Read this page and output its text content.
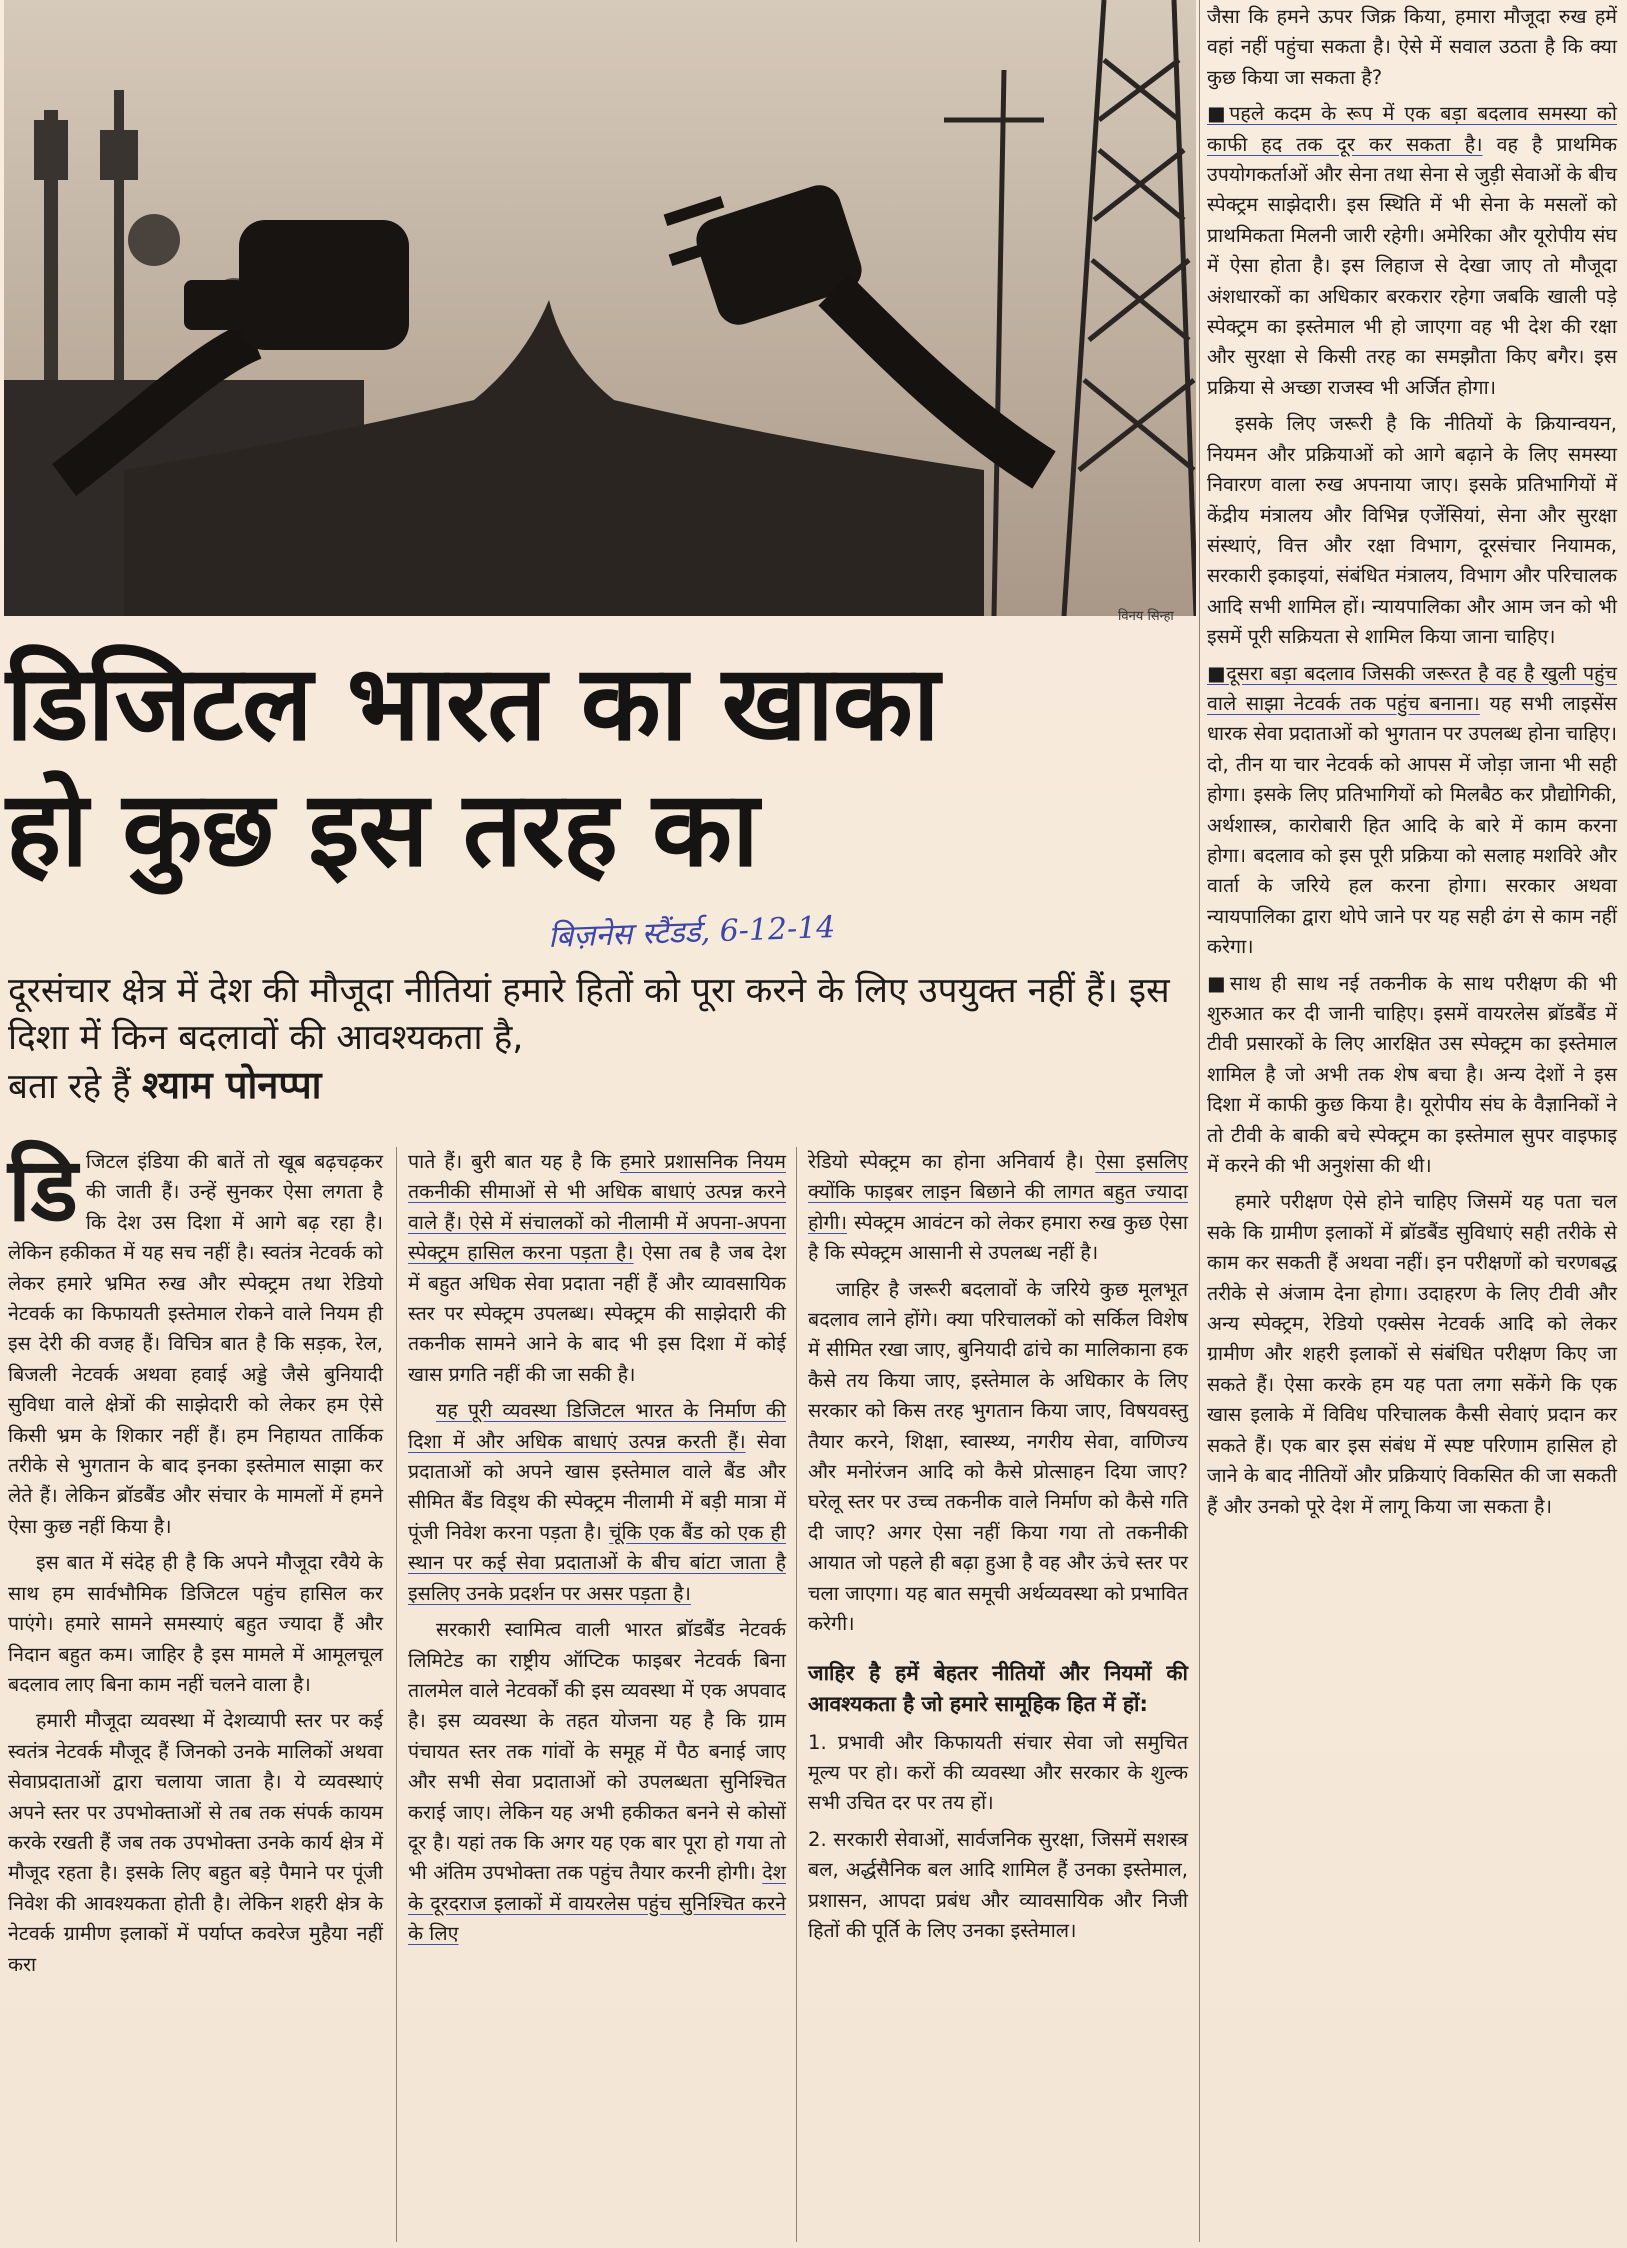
विनय सिन्हा
डिजिटल भारत का खाका
हो कुछ इस तरह का
बिज़नेस स्टैंडर्ड, 6-12-14
दूरसंचार क्षेत्र में देश की मौजूदा नीतियां हमारे हितों को पूरा करने के लिए उपयुक्त नहीं हैं। इस दिशा में किन बदलावों की आवश्यकता है,
बता रहे हैं श्याम पोनप्पा

डिजिटल इंडिया की बातें तो खूब बढ़चढ़कर की जाती हैं। उन्हें सुनकर ऐसा लगता है कि देश उस दिशा में आगे बढ़ रहा है। लेकिन हकीकत में यह सच नहीं है। स्वतंत्र नेटवर्क को लेकर हमारे भ्रमित रुख और स्पेक्ट्रम तथा रेडियो नेटवर्क का किफायती इस्तेमाल रोकने वाले नियम ही इस देरी की वजह हैं। विचित्र बात है कि सड़क, रेल, बिजली नेटवर्क अथवा हवाई अड्डे जैसे बुनियादी सुविधा वाले क्षेत्रों की साझेदारी को लेकर हम ऐसे किसी भ्रम के शिकार नहीं हैं। हम निहायत तार्किक तरीके से भुगतान के बाद इनका इस्तेमाल साझा कर लेते हैं। लेकिन ब्रॉडबैंड और संचार के मामलों में हमने ऐसा कुछ नहीं किया है।

इस बात में संदेह ही है कि अपने मौजूदा रवैये के साथ हम सार्वभौमिक डिजिटल पहुंच हासिल कर पाएंगे। हमारे सामने समस्याएं बहुत ज्यादा हैं और निदान बहुत कम। जाहिर है इस मामले में आमूलचूल बदलाव लाए बिना काम नहीं चलने वाला है।

हमारी मौजूदा व्यवस्था में देशव्यापी स्तर पर कई स्वतंत्र नेटवर्क मौजूद हैं जिनको उनके मालिकों अथवा सेवाप्रदाताओं द्वारा चलाया जाता है। ये व्यवस्थाएं अपने स्तर पर उपभोक्ताओं से तब तक संपर्क कायम करके रखती हैं जब तक उपभोक्ता उनके कार्य क्षेत्र में मौजूद रहता है। इसके लिए बहुत बड़े पैमाने पर पूंजी निवेश की आवश्यकता होती है। लेकिन शहरी क्षेत्र के नेटवर्क ग्रामीण इलाकों में पर्याप्त कवरेज मुहैया नहीं करा

पाते हैं। बुरी बात यह है कि हमारे प्रशासनिक नियम तकनीकी सीमाओं से भी अधिक बाधाएं उत्पन्न करने वाले हैं। ऐसे में संचालकों को नीलामी में अपना-अपना स्पेक्ट्रम हासिल करना पड़ता है। ऐसा तब है जब देश में बहुत अधिक सेवा प्रदाता नहीं हैं और व्यावसायिक स्तर पर स्पेक्ट्रम उपलब्ध। स्पेक्ट्रम की साझेदारी की तकनीक सामने आने के बाद भी इस दिशा में कोई खास प्रगति नहीं की जा सकी है।

यह पूरी व्यवस्था डिजिटल भारत के निर्माण की दिशा में और अधिक बाधाएं उत्पन्न करती हैं। सेवा प्रदाताओं को अपने खास इस्तेमाल वाले बैंड और सीमित बैंड विड्थ की स्पेक्ट्रम नीलामी में बड़ी मात्रा में पूंजी निवेश करना पड़ता है। चूंकि एक बैंड को एक ही स्थान पर कई सेवा प्रदाताओं के बीच बांटा जाता है इसलिए उनके प्रदर्शन पर असर पड़ता है।

सरकारी स्वामित्व वाली भारत ब्रॉडबैंड नेटवर्क लिमिटेड का राष्ट्रीय ऑप्टिक फाइबर नेटवर्क बिना तालमेल वाले नेटवर्कों की इस व्यवस्था में एक अपवाद है। इस व्यवस्था के तहत योजना यह है कि ग्राम पंचायत स्तर तक गांवों के समूह में पैठ बनाई जाए और सभी सेवा प्रदाताओं को उपलब्धता सुनिश्चित कराई जाए। लेकिन यह अभी हकीकत बनने से कोसों दूर है। यहां तक कि अगर यह एक बार पूरा हो गया तो भी अंतिम उपभोक्ता तक पहुंच तैयार करनी होगी। देश के दूरदराज इलाकों में वायरलेस पहुंच सुनिश्चित करने के लिए

रेडियो स्पेक्ट्रम का होना अनिवार्य है। ऐसा इसलिए क्योंकि फाइबर लाइन बिछाने की लागत बहुत ज्यादा होगी। स्पेक्ट्रम आवंटन को लेकर हमारा रुख कुछ ऐसा है कि स्पेक्ट्रम आसानी से उपलब्ध नहीं है।

जाहिर है जरूरी बदलावों के जरिये कुछ मूलभूत बदलाव लाने होंगे। क्या परिचालकों को सर्किल विशेष में सीमित रखा जाए, बुनियादी ढांचे का मालिकाना हक कैसे तय किया जाए, इस्तेमाल के अधिकार के लिए सरकार को किस तरह भुगतान किया जाए, विषयवस्तु तैयार करने, शिक्षा, स्वास्थ्य, नगरीय सेवा, वाणिज्य और मनोरंजन आदि को कैसे प्रोत्साहन दिया जाए? घरेलू स्तर पर उच्च तकनीक वाले निर्माण को कैसे गति दी जाए? अगर ऐसा नहीं किया गया तो तकनीकी आयात जो पहले ही बढ़ा हुआ है वह और ऊंचे स्तर पर चला जाएगा। यह बात समूची अर्थव्यवस्था को प्रभावित करेगी।

जाहिर है हमें बेहतर नीतियों और नियमों की आवश्यकता है जो हमारे सामूहिक हित में हों:

1. प्रभावी और किफायती संचार सेवा जो समुचित मूल्य पर हो। करों की व्यवस्था और सरकार के शुल्क सभी उचित दर पर तय हों।

2. सरकारी सेवाओं, सार्वजनिक सुरक्षा, जिसमें सशस्त्र बल, अर्द्धसैनिक बल आदि शामिल हैं उनका इस्तेमाल, प्रशासन, आपदा प्रबंध और व्यावसायिक और निजी हितों की पूर्ति के लिए उनका इस्तेमाल।

जैसा कि हमने ऊपर जिक्र किया, हमारा मौजूदा रुख हमें वहां नहीं पहुंचा सकता है। ऐसे में सवाल उठता है कि क्या कुछ किया जा सकता है?

■पहले कदम के रूप में एक बड़ा बदलाव समस्या को काफी हद तक दूर कर सकता है। वह है प्राथमिक उपयोगकर्ताओं और सेना तथा सेना से जुड़ी सेवाओं के बीच स्पेक्ट्रम साझेदारी। इस स्थिति में भी सेना के मसलों को प्राथमिकता मिलनी जारी रहेगी। अमेरिका और यूरोपीय संघ में ऐसा होता है। इस लिहाज से देखा जाए तो मौजूदा अंशधारकों का अधिकार बरकरार रहेगा जबकि खाली पड़े स्पेक्ट्रम का इस्तेमाल भी हो जाएगा वह भी देश की रक्षा और सुरक्षा से किसी तरह का समझौता किए बगैर। इस प्रक्रिया से अच्छा राजस्व भी अर्जित होगा।

इसके लिए जरूरी है कि नीतियों के क्रियान्वयन, नियमन और प्रक्रियाओं को आगे बढ़ाने के लिए समस्या निवारण वाला रुख अपनाया जाए। इसके प्रतिभागियों में केंद्रीय मंत्रालय और विभिन्न एजेंसियां, सेना और सुरक्षा संस्थाएं, वित्त और रक्षा विभाग, दूरसंचार नियामक, सरकारी इकाइयां, संबंधित मंत्रालय, विभाग और परिचालक आदि सभी शामिल हों। न्यायपालिका और आम जन को भी इसमें पूरी सक्रियता से शामिल किया जाना चाहिए।

■दूसरा बड़ा बदलाव जिसकी जरूरत है वह है खुली पहुंच वाले साझा नेटवर्क तक पहुंच बनाना। यह सभी लाइसेंस धारक सेवा प्रदाताओं को भुगतान पर उपलब्ध होना चाहिए। दो, तीन या चार नेटवर्क को आपस में जोड़ा जाना भी सही होगा। इसके लिए प्रतिभागियों को मिलबैठ कर प्रौद्योगिकी, अर्थशास्त्र, कारोबारी हित आदि के बारे में काम करना होगा। बदलाव को इस पूरी प्रक्रिया को सलाह मशविरे और वार्ता के जरिये हल करना होगा। सरकार अथवा न्यायपालिका द्वारा थोपे जाने पर यह सही ढंग से काम नहीं करेगा।

■साथ ही साथ नई तकनीक के साथ परीक्षण की भी शुरुआत कर दी जानी चाहिए। इसमें वायरलेस ब्रॉडबैंड में टीवी प्रसारकों के लिए आरक्षित उस स्पेक्ट्रम का इस्तेमाल शामिल है जो अभी तक शेष बचा है। अन्य देशों ने इस दिशा में काफी कुछ किया है। यूरोपीय संघ के वैज्ञानिकों ने तो टीवी के बाकी बचे स्पेक्ट्रम का इस्तेमाल सुपर वाइफाइ में करने की भी अनुशंसा की थी।

हमारे परीक्षण ऐसे होने चाहिए जिसमें यह पता चल सके कि ग्रामीण इलाकों में ब्रॉडबैंड सुविधाएं सही तरीके से काम कर सकती हैं अथवा नहीं। इन परीक्षणों को चरणबद्ध तरीके से अंजाम देना होगा। उदाहरण के लिए टीवी और अन्य स्पेक्ट्रम, रेडियो एक्सेस नेटवर्क आदि को लेकर ग्रामीण और शहरी इलाकों से संबंधित परीक्षण किए जा सकते हैं। ऐसा करके हम यह पता लगा सकेंगे कि एक खास इलाके में विविध परिचालक कैसी सेवाएं प्रदान कर सकते हैं। एक बार इस संबंध में स्पष्ट परिणाम हासिल हो जाने के बाद नीतियों और प्रक्रियाएं विकसित की जा सकती हैं और उनको पूरे देश में लागू किया जा सकता है।
